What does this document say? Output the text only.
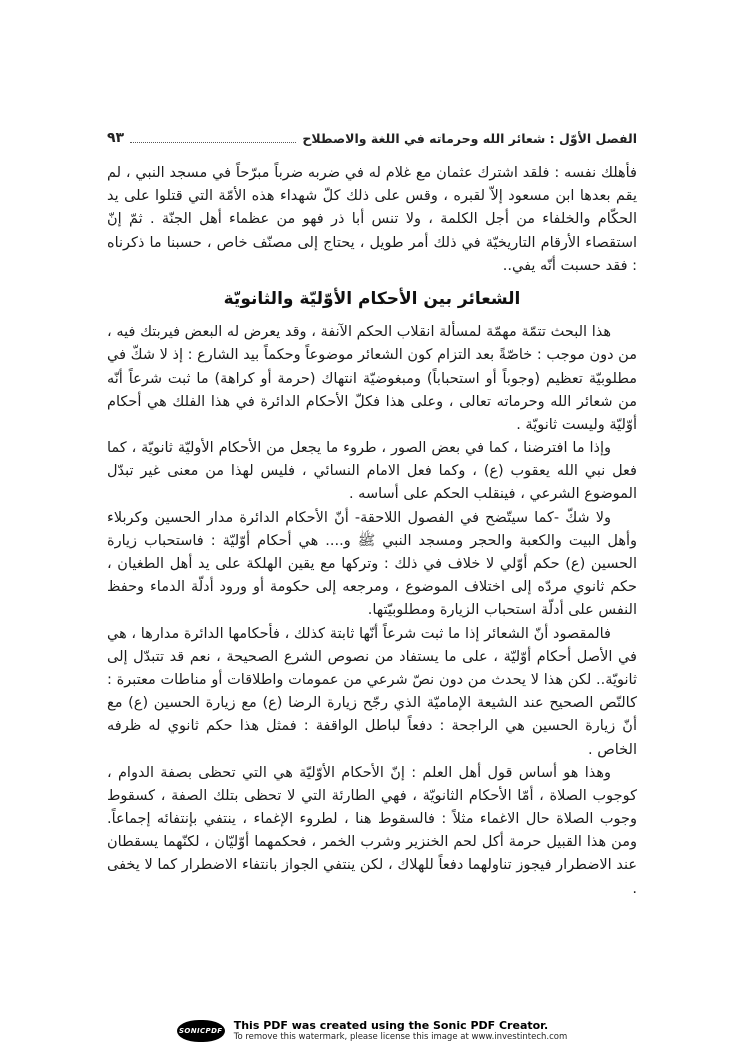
الفصل الأوّل : شعائر الله وحرماته في اللغة والاصطلاح
٩٣

فأهلك نفسه : فلقد اشترك عثمان مع غلام له في ضربه ضرباً مبرّحاً في مسجد النبي ، لم يقم بعدها ابن مسعود إلاّ لقبره ، وقس على ذلك كلّ شهداء هذه الأمّة التي قتلوا على يد الحكّام والخلفاء من أجل الكلمة ، ولا تنس أبا ذر فهو من عظماء أهل الجنّة . ثمّ إنّ استقصاء الأرقام التاريخيّة في ذلك أمر طويل ، يحتاج إلى مصنّف خاص ، حسبنا ما ذكرناه : فقد حسبت أنّه يفي..

الشعائر بين الأحكام الأوّليّة والثانويّة

هذا البحث تتمّة مهمّة لمسألة انقلاب الحكم الآنفة ، وقد يعرض له البعض فيربتك فيه ، من دون موجب : خاصّةً بعد التزام كون الشعائر موضوعاً وحكماً بيد الشارع : إذ لا شكّ في مطلوبيّة تعظيم (وجوباً أو استحباباً) ومبغوضيّة انتهاك (حرمة أو كراهة) ما ثبت شرعاً أنّه من شعائر الله وحرماته تعالى ، وعلى هذا فكلّ الأحكام الدائرة في هذا الفلك هي أحكام أوّليّة وليست ثانويّة .

وإذا ما افترضنا ، كما في بعض الصور ، طروء ما يجعل من الأحكام الأوليّة ثانويّة ، كما فعل نبي الله يعقوب (ع) ، وكما فعل الامام النسائي ، فليس لهذا من معنى غير تبدّل الموضوع الشرعي ، فينقلب الحكم على أساسه .

ولا شكّ -كما سيتّضح في الفصول اللاحقة- أنّ الأحكام الدائرة مدار الحسين وكربلاء وأهل البيت والكعبة والحجر ومسجد النبي ﷺ و.... هي أحكام أوّليّة : فاستحباب زيارة الحسين (ع) حكم أوّلي لا خلاف في ذلك : وتركها مع يقين الهلكة على يد أهل الطغيان ، حكم ثانوي مردّه إلى اختلاف الموضوع ، ومرجعه إلى حكومة أو ورود أدلّة الدماء وحفظ النفس على أدلّة استحباب الزيارة ومطلوبيّتها.

فالمقصود أنّ الشعائر إذا ما ثبت شرعاً أنّها ثابتة كذلك ، فأحكامها الدائرة مدارها ، هي في الأصل أحكام أوّليّة ، على ما يستفاد من نصوص الشرع الصحيحة ، نعم قد تتبدّل إلى ثانويّة.. لكن هذا لا يحدث من دون نصّ شرعي من عمومات واطلاقات أو مناطات معتبرة : كالنّص الصحيح عند الشيعة الإماميّة الذي رجّح زيارة الرضا (ع) مع زيارة الحسين (ع) مع أنّ زيارة الحسين هي الراجحة : دفعاً لباطل الواقفة : فمثل هذا حكم ثانوي له ظرفه الخاص .

وهذا هو أساس قول أهل العلم : إنّ الأحكام الأوّليّة هي التي تحظى بصفة الدوام ، كوجوب الصلاة ، أمّا الأحكام الثانويّة ، فهي الطارئة التي لا تحظى بتلك الصفة ، كسقوط وجوب الصلاة حال الاغماء مثلاً : فالسقوط هنا ، لطروء الإغماء ، ينتفي بإنتفائه إجماعاً. ومن هذا القبيل حرمة أكل لحم الخنزير وشرب الخمر ، فحكمهما أوّليّان ، لكنّهما يسقطان عند الاضطرار فيجوز تناولهما دفعاً للهلاك ، لكن ينتفي الجواز بانتفاء الاضطرار كما لا يخفى .

SONICPDF This PDF was created using the Sonic PDF Creator.
To remove this watermark, please license this image at www.investintech.com
